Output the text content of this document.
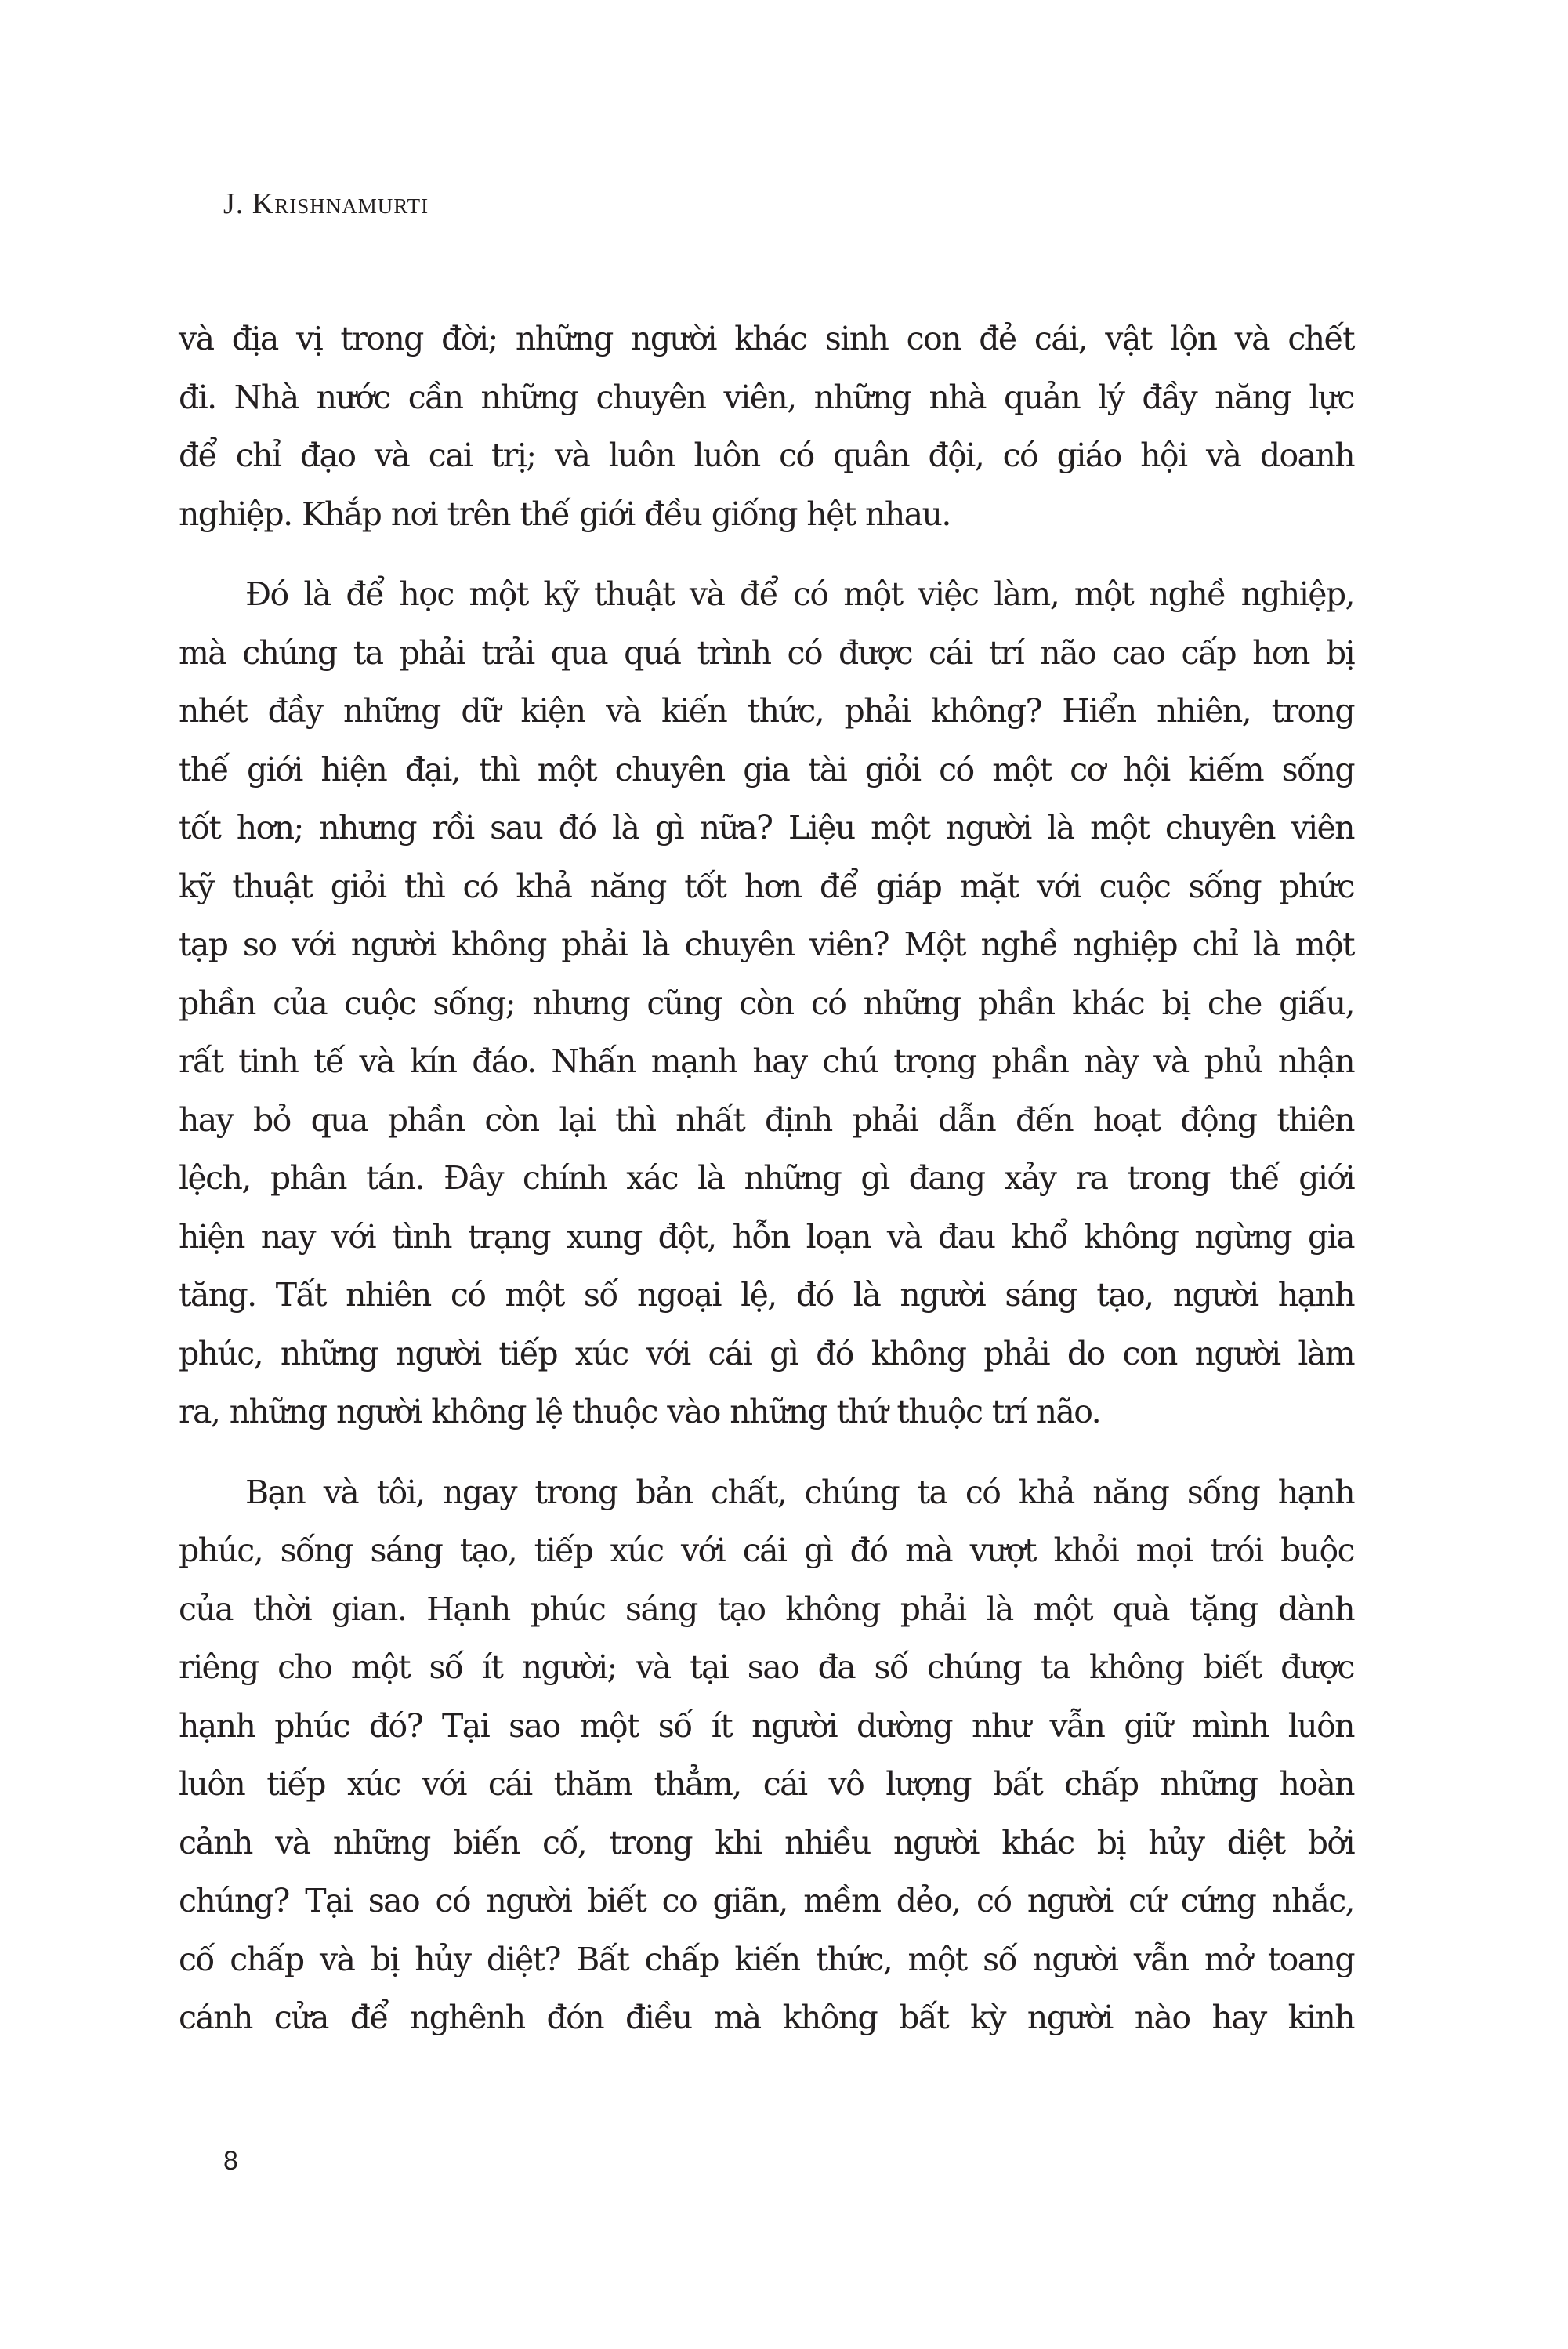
J. Krishnamurti

và địa vị trong đời; những người khác sinh con đẻ cái, vật lộn và chết
đi. Nhà nước cần những chuyên viên, những nhà quản lý đầy năng lực
để chỉ đạo và cai trị; và luôn luôn có quân đội, có giáo hội và doanh
nghiệp. Khắp nơi trên thế giới đều giống hệt nhau.

Đó là để học một kỹ thuật và để có một việc làm, một nghề nghiệp,
mà chúng ta phải trải qua quá trình có được cái trí não cao cấp hơn bị
nhét đầy những dữ kiện và kiến thức, phải không? Hiển nhiên, trong
thế giới hiện đại, thì một chuyên gia tài giỏi có một cơ hội kiếm sống
tốt hơn; nhưng rồi sau đó là gì nữa? Liệu một người là một chuyên viên
kỹ thuật giỏi thì có khả năng tốt hơn để giáp mặt với cuộc sống phức
tạp so với người không phải là chuyên viên? Một nghề nghiệp chỉ là một
phần của cuộc sống; nhưng cũng còn có những phần khác bị che giấu,
rất tinh tế và kín đáo. Nhấn mạnh hay chú trọng phần này và phủ nhận
hay bỏ qua phần còn lại thì nhất định phải dẫn đến hoạt động thiên
lệch, phân tán. Đây chính xác là những gì đang xảy ra trong thế giới
hiện nay với tình trạng xung đột, hỗn loạn và đau khổ không ngừng gia
tăng. Tất nhiên có một số ngoại lệ, đó là người sáng tạo, người hạnh
phúc, những người tiếp xúc với cái gì đó không phải do con người làm
ra, những người không lệ thuộc vào những thứ thuộc trí não.

Bạn và tôi, ngay trong bản chất, chúng ta có khả năng sống hạnh
phúc, sống sáng tạo, tiếp xúc với cái gì đó mà vượt khỏi mọi trói buộc
của thời gian. Hạnh phúc sáng tạo không phải là một quà tặng dành
riêng cho một số ít người; và tại sao đa số chúng ta không biết được
hạnh phúc đó? Tại sao một số ít người dường như vẫn giữ mình luôn
luôn tiếp xúc với cái thăm thẳm, cái vô lượng bất chấp những hoàn
cảnh và những biến cố, trong khi nhiều người khác bị hủy diệt bởi
chúng? Tại sao có người biết co giãn, mềm dẻo, có người cứ cứng nhắc,
cố chấp và bị hủy diệt? Bất chấp kiến thức, một số người vẫn mở toang
cánh cửa để nghênh đón điều mà không bất kỳ người nào hay kinh

8
